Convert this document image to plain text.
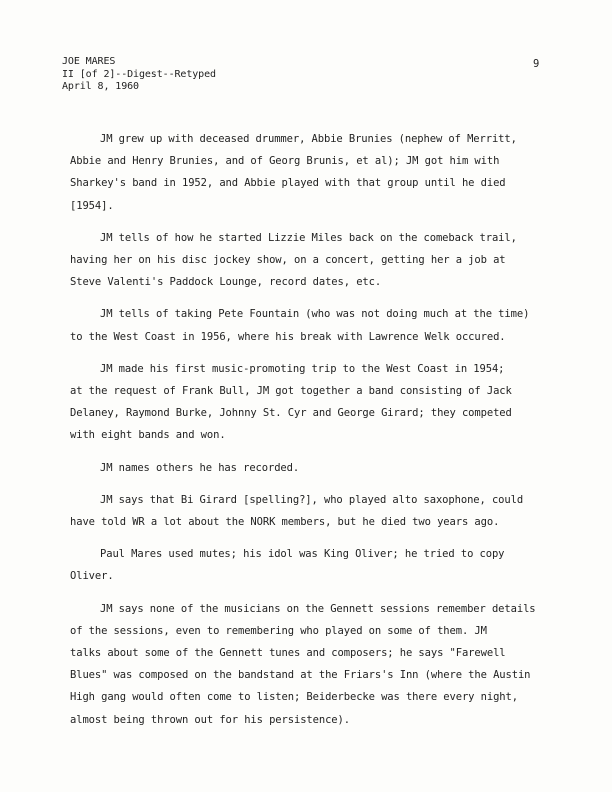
JOE MARES
II [of 2]--Digest--Retyped
April 8, 1960
9

JM grew up with deceased drummer, Abbie Brunies (nephew of Merritt,
Abbie and Henry Brunies, and of Georg Brunis, et al); JM got him with
Sharkey's band in 1952, and Abbie played with that group until he died
[1954].

JM tells of how he started Lizzie Miles back on the comeback trail,
having her on his disc jockey show, on a concert, getting her a job at
Steve Valenti's Paddock Lounge, record dates, etc.

JM tells of taking Pete Fountain (who was not doing much at the time)
to the West Coast in 1956, where his break with Lawrence Welk occured.

JM made his first music-promoting trip to the West Coast in 1954;
at the request of Frank Bull, JM got together a band consisting of Jack
Delaney, Raymond Burke, Johnny St. Cyr and George Girard; they competed
with eight bands and won.

JM names others he has recorded.

JM says that Bi Girard [spelling?], who played alto saxophone, could
have told WR a lot about the NORK members, but he died two years ago.

Paul Mares used mutes; his idol was King Oliver; he tried to copy
Oliver.

JM says none of the musicians on the Gennett sessions remember details
of the sessions, even to remembering who played on some of them. JM
talks about some of the Gennett tunes and composers; he says "Farewell
Blues" was composed on the bandstand at the Friars's Inn (where the Austin
High gang would often come to listen; Beiderbecke was there every night,
almost being thrown out for his persistence).
